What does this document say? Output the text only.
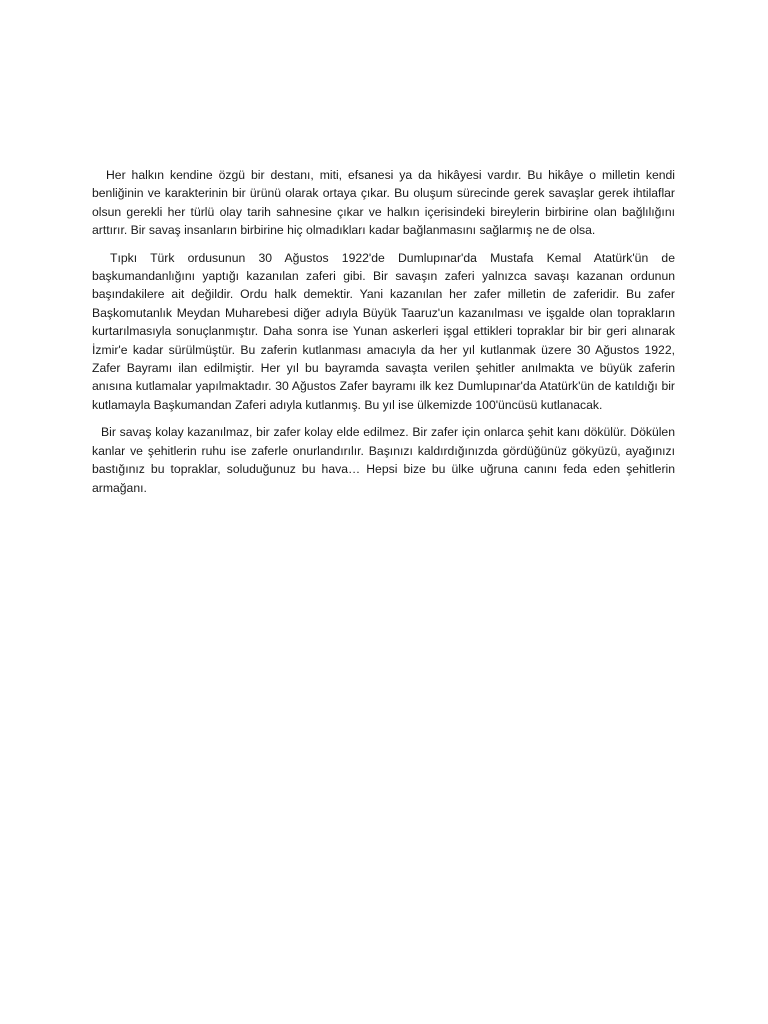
Her halkın kendine özgü bir destanı, miti, efsanesi ya da hikâyesi vardır. Bu hikâye o milletin kendi benliğinin ve karakterinin bir ürünü olarak ortaya çıkar. Bu oluşum sürecinde gerek savaşlar gerek ihtilaflar olsun gerekli her türlü olay tarih sahnesine çıkar ve halkın içerisindeki bireylerin birbirine olan bağlılığını arttırır. Bir savaş insanların birbirine hiç olmadıkları kadar bağlanmasını sağlarmış ne de olsa.

Tıpkı Türk ordusunun 30 Ağustos 1922'de Dumlupınar'da Mustafa Kemal Atatürk'ün de başkumandanlığını yaptığı kazanılan zaferi gibi. Bir savaşın zaferi yalnızca savaşı kazanan ordunun başındakilere ait değildir. Ordu halk demektir. Yani kazanılan her zafer milletin de zaferidir. Bu zafer Başkomutanlık Meydan Muharebesi diğer adıyla Büyük Taaruz'un kazanılması ve işgalde olan toprakların kurtarılmasıyla sonuçlanmıştır. Daha sonra ise Yunan askerleri işgal ettikleri topraklar bir bir geri alınarak İzmir'e kadar sürülmüştür. Bu zaferin kutlanması amacıyla da her yıl kutlanmak üzere 30 Ağustos 1922, Zafer Bayramı ilan edilmiştir. Her yıl bu bayramda savaşta verilen şehitler anılmakta ve büyük zaferin anısına kutlamalar yapılmaktadır. 30 Ağustos Zafer bayramı ilk kez Dumlupınar'da Atatürk'ün de katıldığı bir kutlamayla Başkumandan Zaferi adıyla kutlanmış. Bu yıl ise ülkemizde 100'üncüsü kutlanacak.

Bir savaş kolay kazanılmaz, bir zafer kolay elde edilmez. Bir zafer için onlarca şehit kanı dökülür. Dökülen kanlar ve şehitlerin ruhu ise zaferle onurlandırılır. Başınızı kaldırdığınızda gördüğünüz gökyüzü, ayağınızı bastığınız bu topraklar, soluduğunuz bu hava… Hepsi bize bu ülke uğruna canını feda eden şehitlerin armağanı.
